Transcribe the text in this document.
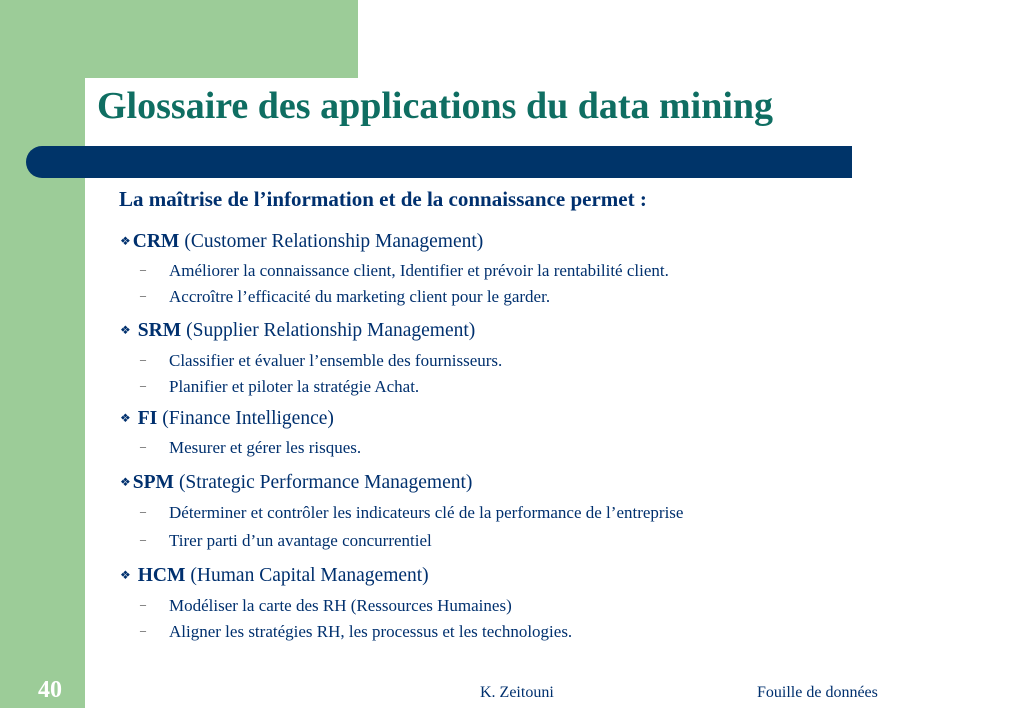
Glossaire des applications du data mining
La maîtrise de l’information et de la connaissance permet :
❖ CRM (Customer Relationship Management)
– Améliorer la connaissance client, Identifier et prévoir la rentabilité client.
– Accroître l’efficacité du marketing client pour le garder.
❖ SRM (Supplier Relationship Management)
– Classifier et évaluer l’ensemble des fournisseurs.
– Planifier et piloter la stratégie Achat.
❖ FI (Finance Intelligence)
– Mesurer et gérer les risques.
❖ SPM (Strategic Performance Management)
– Déterminer et contrôler les indicateurs clé de la performance de l’entreprise
– Tirer parti d’un avantage concurrentiel
❖ HCM (Human Capital Management)
– Modéliser la carte des RH (Ressources Humaines)
– Aligner les stratégies RH, les processus et les technologies.
40	K. Zeitouni	Fouille de données
